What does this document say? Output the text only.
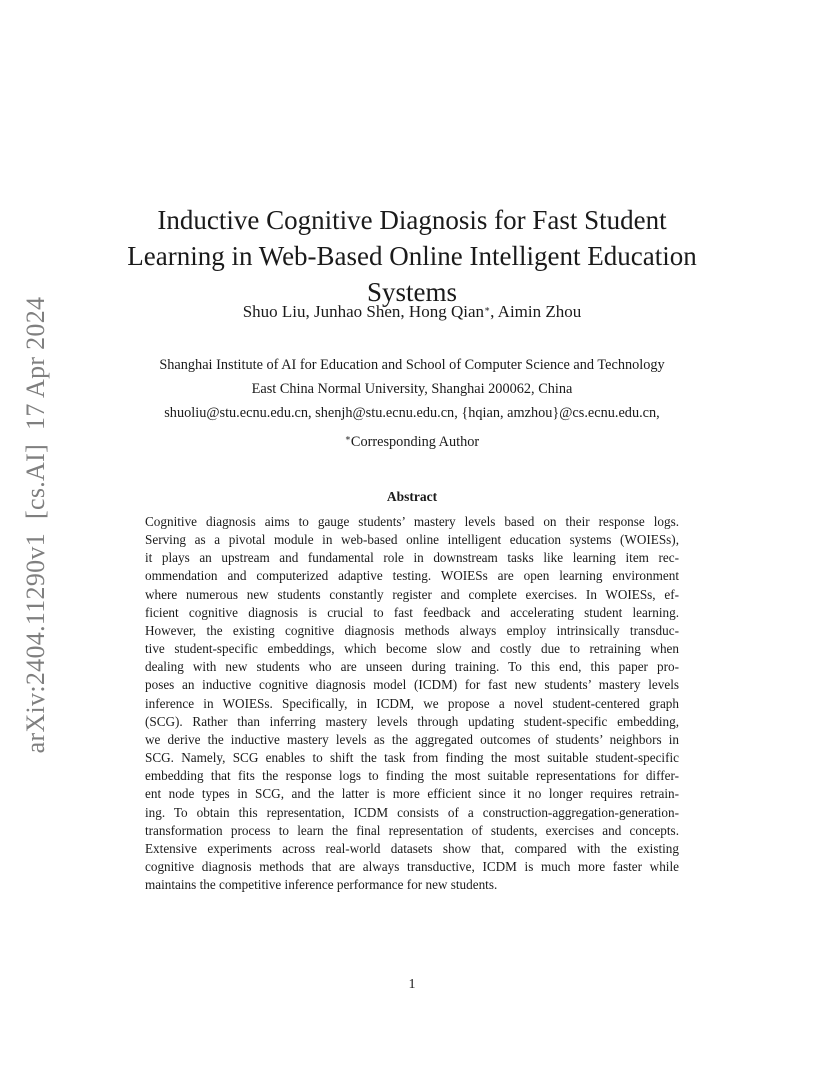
arXiv:2404.11290v1[cs.AI]17 Apr 2024
Inductive Cognitive Diagnosis for Fast Student
Learning in Web-Based Online Intelligent Education
Systems
Shuo Liu, Junhao Shen, Hong Qian∗, Aimin Zhou
Shanghai Institute of AI for Education and School of Computer Science and Technology
East China Normal University, Shanghai 200062, China
shuoliu@stu.ecnu.edu.cn, shenjh@stu.ecnu.edu.cn, {hqian, amzhou}@cs.ecnu.edu.cn,
∗Corresponding Author
Abstract
Cognitive diagnosis aims to gauge students’ mastery levels based on their response logs.
Serving as a pivotal module in web-based online intelligent education systems (WOIESs),
it plays an upstream and fundamental role in downstream tasks like learning item rec-
ommendation and computerized adaptive testing. WOIESs are open learning environment
where numerous new students constantly register and complete exercises. In WOIESs, ef-
ficient cognitive diagnosis is crucial to fast feedback and accelerating student learning.
However, the existing cognitive diagnosis methods always employ intrinsically transduc-
tive student-specific embeddings, which become slow and costly due to retraining when
dealing with new students who are unseen during training. To this end, this paper pro-
poses an inductive cognitive diagnosis model (ICDM) for fast new students’ mastery levels
inference in WOIESs. Specifically, in ICDM, we propose a novel student-centered graph
(SCG). Rather than inferring mastery levels through updating student-specific embedding,
we derive the inductive mastery levels as the aggregated outcomes of students’ neighbors in
SCG. Namely, SCG enables to shift the task from finding the most suitable student-specific
embedding that fits the response logs to finding the most suitable representations for differ-
ent node types in SCG, and the latter is more efficient since it no longer requires retrain-
ing. To obtain this representation, ICDM consists of a construction-aggregation-generation-
transformation process to learn the final representation of students, exercises and concepts.
Extensive experiments across real-world datasets show that, compared with the existing
cognitive diagnosis methods that are always transductive, ICDM is much more faster while
maintains the competitive inference performance for new students.
1
